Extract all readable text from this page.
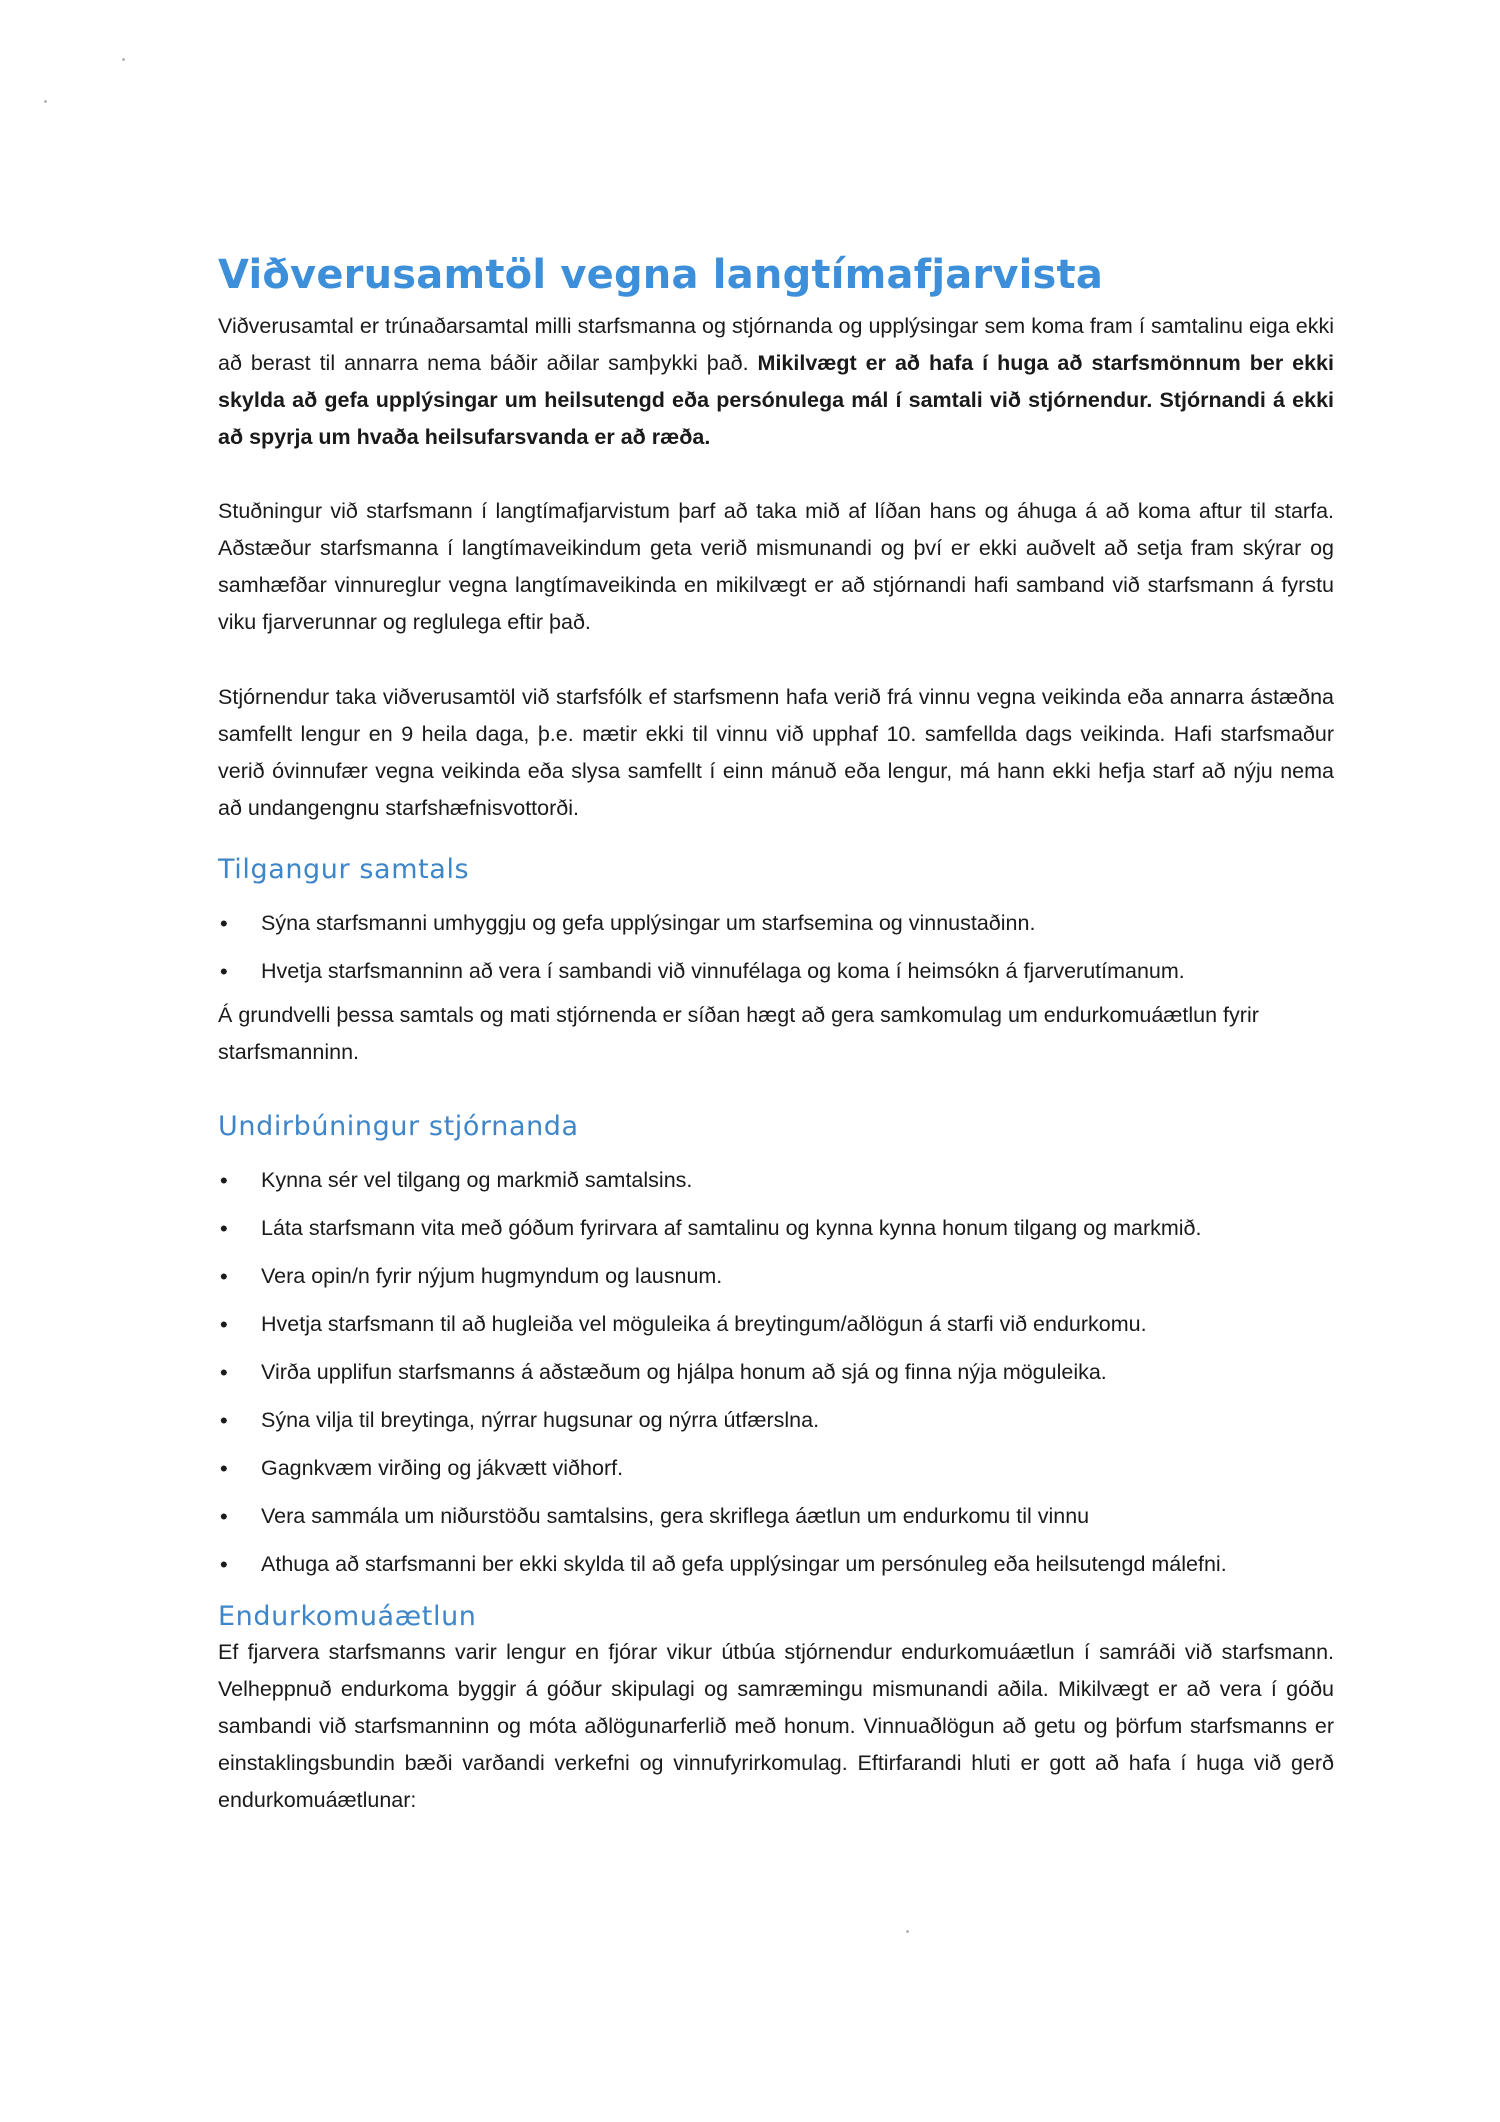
Viðverusamtöl vegna langtímafjarvista

Viðverusamtal er trúnaðarsamtal milli starfsmanna og stjórnanda og upplýsingar sem koma fram í samtalinu eiga ekki að berast til annarra nema báðir aðilar samþykki það. Mikilvægt er að hafa í huga að starfsmönnum ber ekki skylda að gefa upplýsingar um heilsutengd eða persónulega mál í samtali við stjórnendur. Stjórnandi á ekki að spyrja um hvaða heilsufarsvanda er að ræða.

Stuðningur við starfsmann í langtímafjarvistum þarf að taka mið af líðan hans og áhuga á að koma aftur til starfa. Aðstæður starfsmanna í langtímaveikindum geta verið mismunandi og því er ekki auðvelt að setja fram skýrar og samhæfðar vinnureglur vegna langtímaveikinda en mikilvægt er að stjórnandi hafi samband við starfsmann á fyrstu viku fjarverunnar og reglulega eftir það.

Stjórnendur taka viðverusamtöl við starfsfólk ef starfsmenn hafa verið frá vinnu vegna veikinda eða annarra ástæðna samfellt lengur en 9 heila daga, þ.e. mætir ekki til vinnu við upphaf 10. samfellda dags veikinda. Hafi starfsmaður verið óvinnufær vegna veikinda eða slysa samfellt í einn mánuð eða lengur, má hann ekki hefja starf að nýju nema að undangengnu starfshæfnisvottorði.

Tilgangur samtals
• Sýna starfsmanni umhyggju og gefa upplýsingar um starfsemina og vinnustaðinn.
• Hvetja starfsmanninn að vera í sambandi við vinnufélaga og koma í heimsókn á fjarverutímanum.

Á grundvelli þessa samtals og mati stjórnenda er síðan hægt að gera samkomulag um endurkomuáætlun fyrir starfsmanninn.

Undirbúningur stjórnanda
• Kynna sér vel tilgang og markmið samtalsins.
• Láta starfsmann vita með góðum fyrirvara af samtalinu og kynna kynna honum tilgang og markmið.
• Vera opin/n fyrir nýjum hugmyndum og lausnum.
• Hvetja starfsmann til að hugleiða vel möguleika á breytingum/aðlögun á starfi við endurkomu.
• Virða upplifun starfsmanns á aðstæðum og hjálpa honum að sjá og finna nýja möguleika.
• Sýna vilja til breytinga, nýrrar hugsunar og nýrra útfærslna.
• Gagnkvæm virðing og jákvætt viðhorf.
• Vera sammála um niðurstöðu samtalsins, gera skriflega áætlun um endurkomu til vinnu
• Athuga að starfsmanni ber ekki skylda til að gefa upplýsingar um persónuleg eða heilsutengd málefni.
Endurkomuáætlun

Ef fjarvera starfsmanns varir lengur en fjórar vikur útbúa stjórnendur endurkomuáætlun í samráði við starfsmann. Velheppnuð endurkoma byggir á góður skipulagi og samræmingu mismunandi aðila. Mikilvægt er að vera í góðu sambandi við starfsmanninn og móta aðlögunarferlið með honum. Vinnuaðlögun að getu og þörfum starfsmanns er einstaklingsbundin bæði varðandi verkefni og vinnufyrirkomulag. Eftirfarandi hluti er gott að hafa í huga við gerð endurkomuáætlunar:
